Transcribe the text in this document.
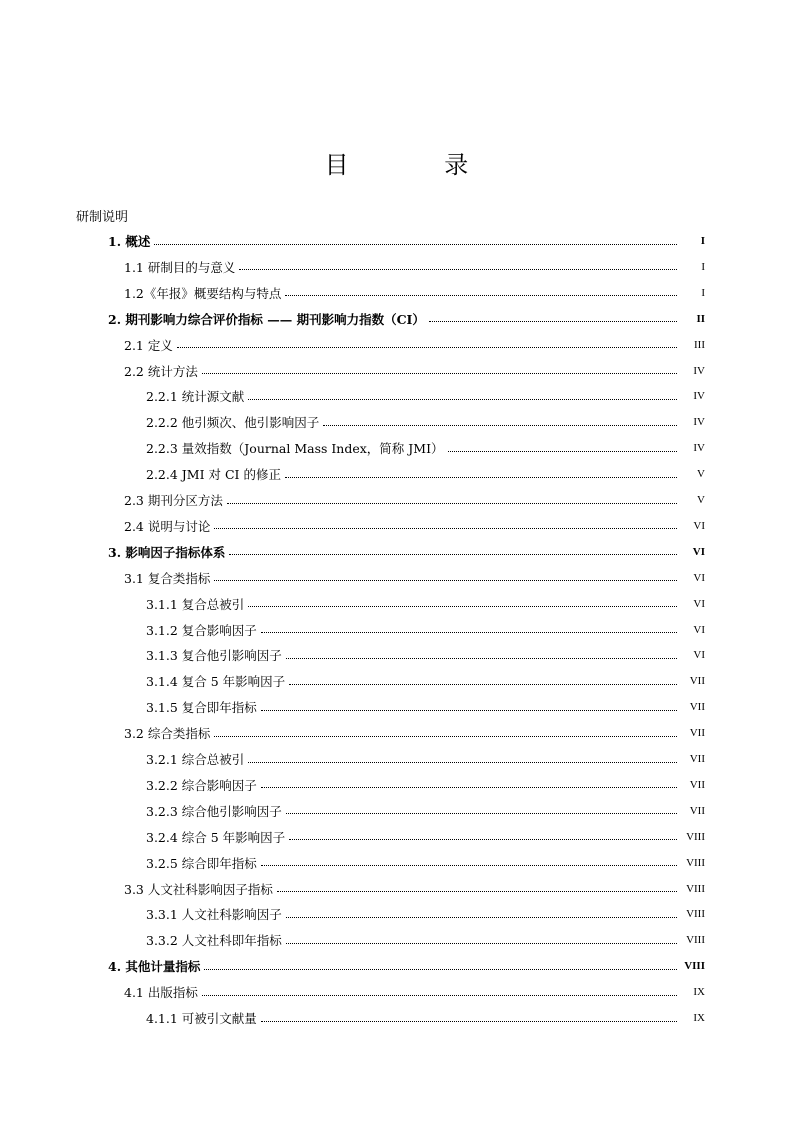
目 录
研制说明
1. 概述	I
1.1 研制目的与意义	I
1.2《年报》概要结构与特点	I
2. 期刊影响力综合评价指标 —— 期刊影响力指数（CI）	II
2.1 定义	III
2.2 统计方法	IV
2.2.1 统计源文献	IV
2.2.2 他引频次、他引影响因子	IV
2.2.3 量效指数（Journal Mass Index，简称 JMI）	IV
2.2.4 JMI 对 CI 的修正	V
2.3 期刊分区方法	V
2.4 说明与讨论	VI
3. 影响因子指标体系	VI
3.1 复合类指标	VI
3.1.1 复合总被引	VI
3.1.2 复合影响因子	VI
3.1.3 复合他引影响因子	VI
3.1.4 复合 5 年影响因子	VII
3.1.5 复合即年指标	VII
3.2 综合类指标	VII
3.2.1 综合总被引	VII
3.2.2 综合影响因子	VII
3.2.3 综合他引影响因子	VII
3.2.4 综合 5 年影响因子	VIII
3.2.5 综合即年指标	VIII
3.3 人文社科影响因子指标	VIII
3.3.1 人文社科影响因子	VIII
3.3.2 人文社科即年指标	VIII
4. 其他计量指标	VIII
4.1 出版指标	IX
4.1.1 可被引文献量	IX
